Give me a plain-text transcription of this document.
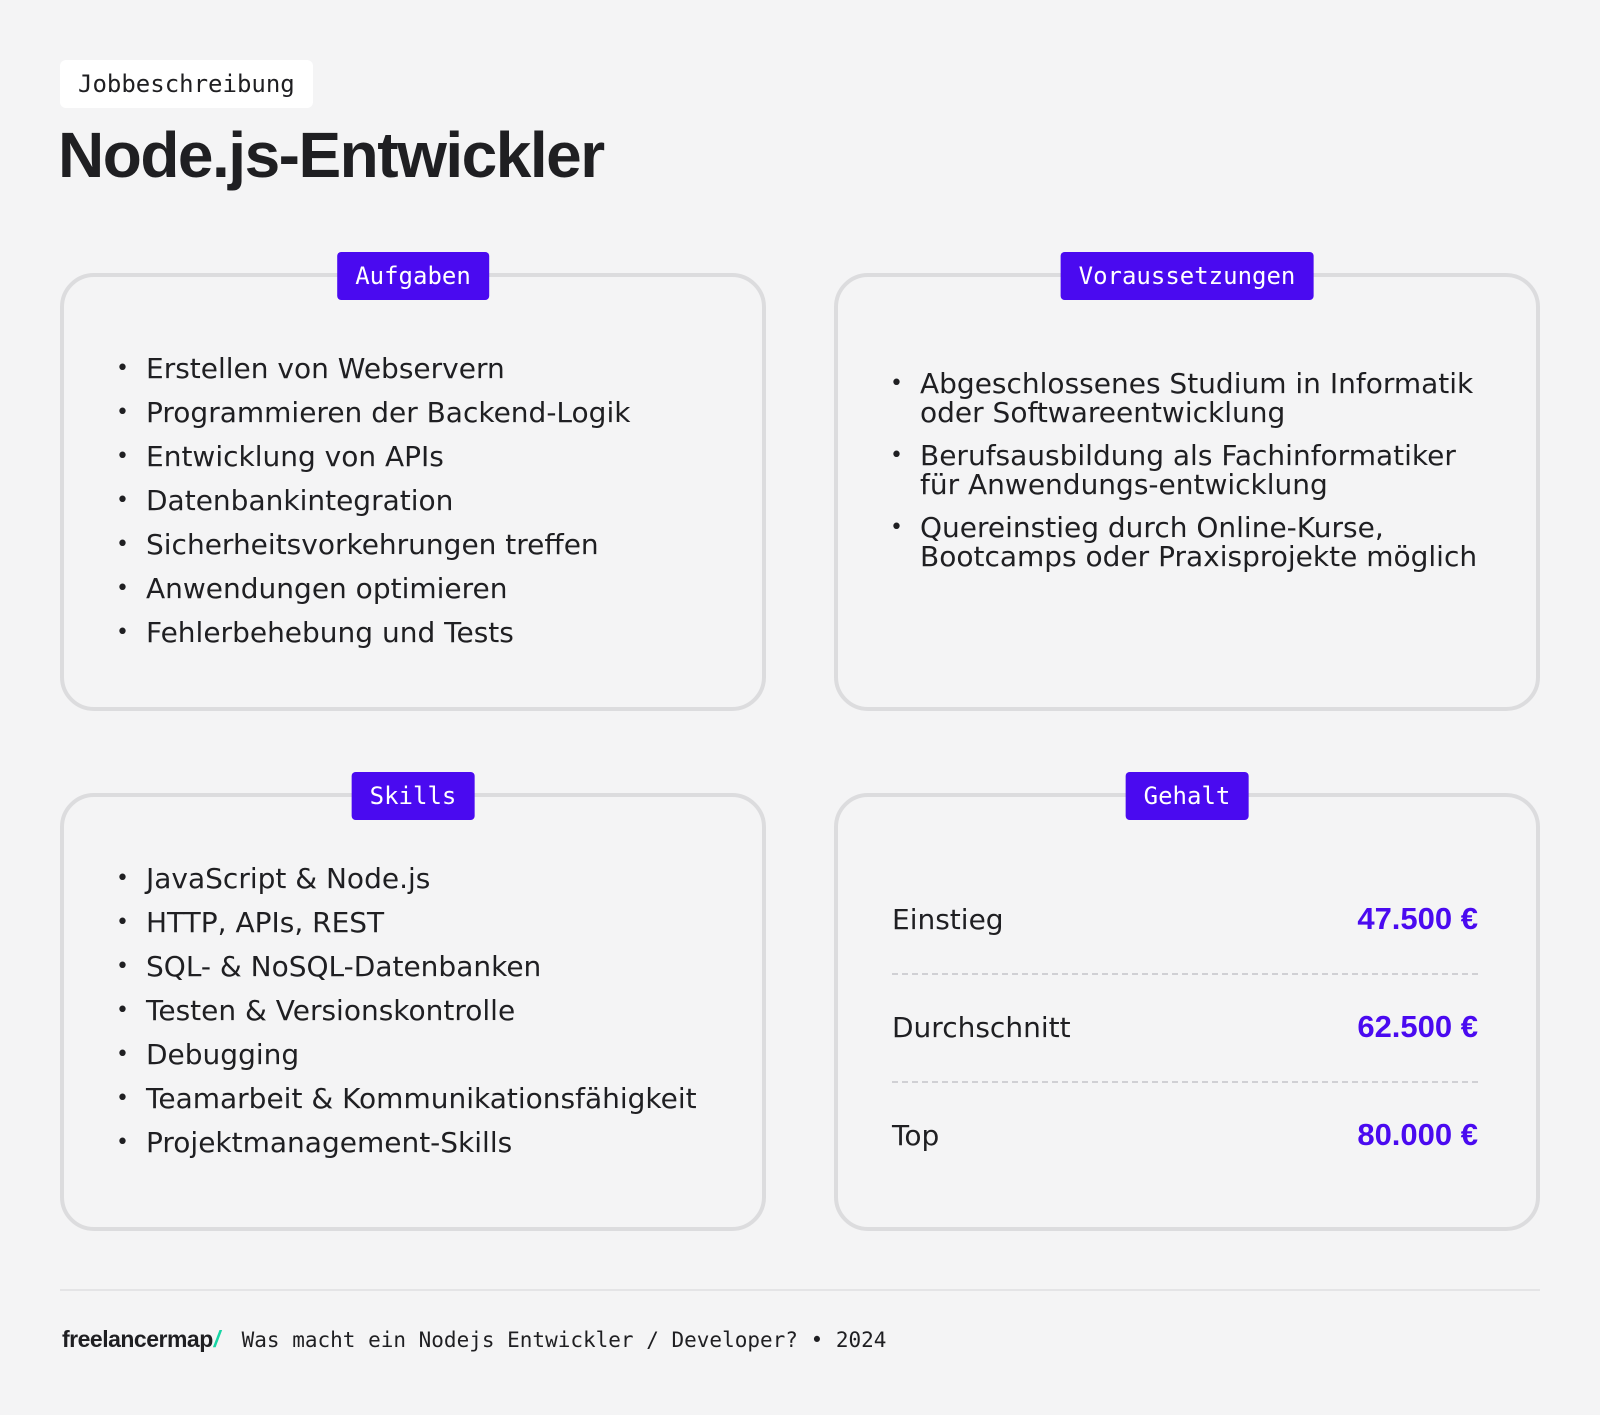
Jobbeschreibung
Node.js-Entwickler
Aufgaben
• Erstellen von Webservern
• Programmieren der Backend-Logik
• Entwicklung von APIs
• Datenbankintegration
• Sicherheitsvorkehrungen treffen
• Anwendungen optimieren
• Fehlerbehebung und Tests
Voraussetzungen
• Abgeschlossenes Studium in Informatik oder Softwareentwicklung
• Berufsausbildung als Fachinformatiker für Anwendungs-entwicklung
• Quereinstieg durch Online-Kurse, Bootcamps oder Praxisprojekte möglich
Skills
• JavaScript & Node.js
• HTTP, APIs, REST
• SQL- & NoSQL-Datenbanken
• Testen & Versionskontrolle
• Debugging
• Teamarbeit & Kommunikationsfähigkeit
• Projektmanagement-Skills
Gehalt
Einstieg	47.500 €
Durchschnitt	62.500 €
Top	80.000 €
freelancermap/ Was macht ein Nodejs Entwickler / Developer? • 2024
